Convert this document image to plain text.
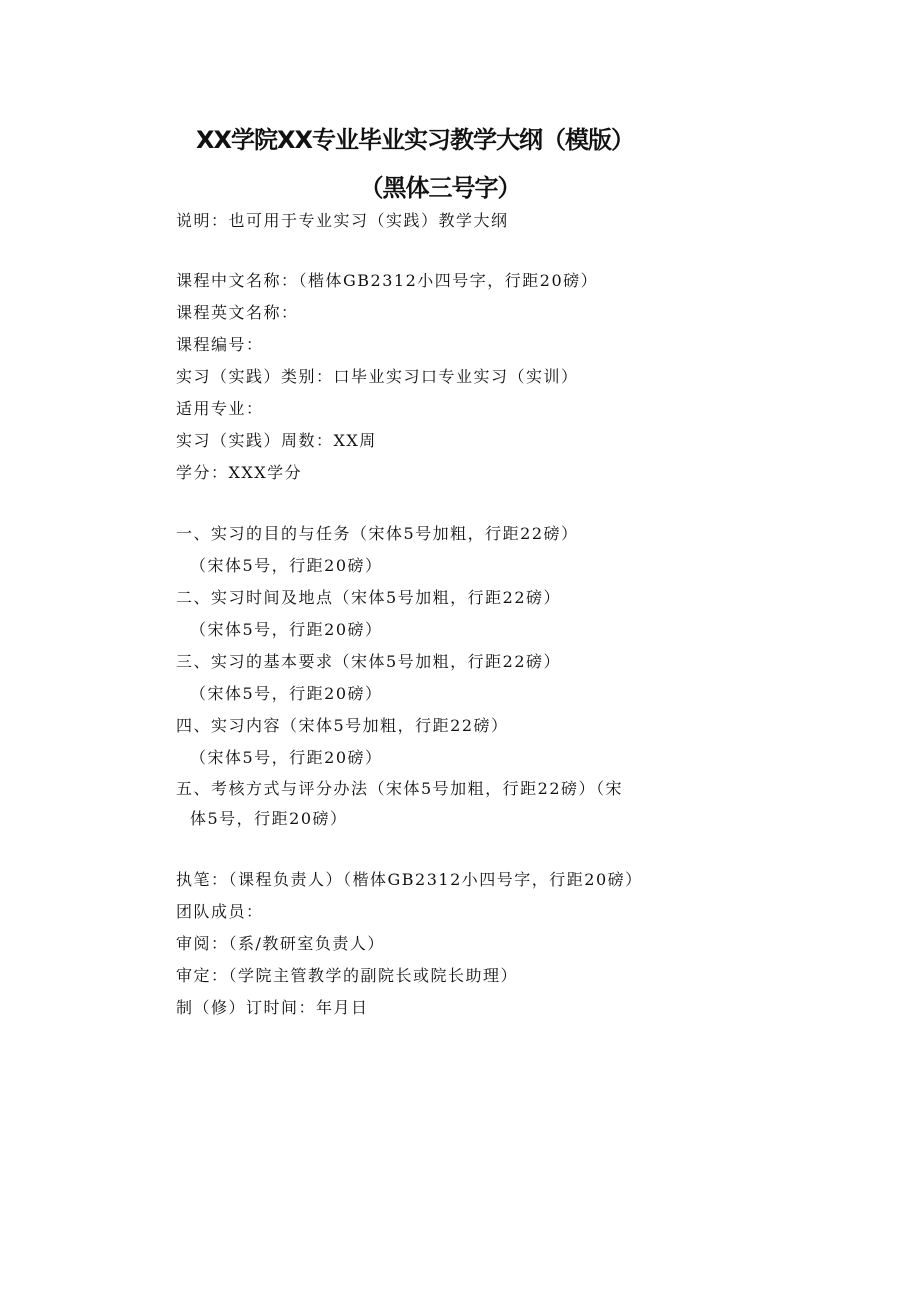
XX学院XX专业毕业实习教学大纲（模版）
（黑体三号字）
说明：也可用于专业实习（实践）教学大纲
课程中文名称：（楷体GB2312小四号字，行距20磅）
课程英文名称：
课程编号：
实习（实践）类别：口毕业实习口专业实习（实训）
适用专业：
实习（实践）周数：XX周
学分：XXX学分
一、实习的目的与任务（宋体5号加粗，行距22磅）
（宋体5号，行距20磅）
二、实习时间及地点（宋体5号加粗，行距22磅）
（宋体5号，行距20磅）
三、实习的基本要求（宋体5号加粗，行距22磅）
（宋体5号，行距20磅）
四、实习内容（宋体5号加粗，行距22磅）
（宋体5号，行距20磅）
五、考核方式与评分办法（宋体5号加粗，行距22磅）（宋
体5号，行距20磅）
执笔：（课程负责人）（楷体GB2312小四号字，行距20磅）
团队成员：
审阅：（系/教研室负责人）
审定：（学院主管教学的副院长或院长助理）
制（修）订时间：年月日
